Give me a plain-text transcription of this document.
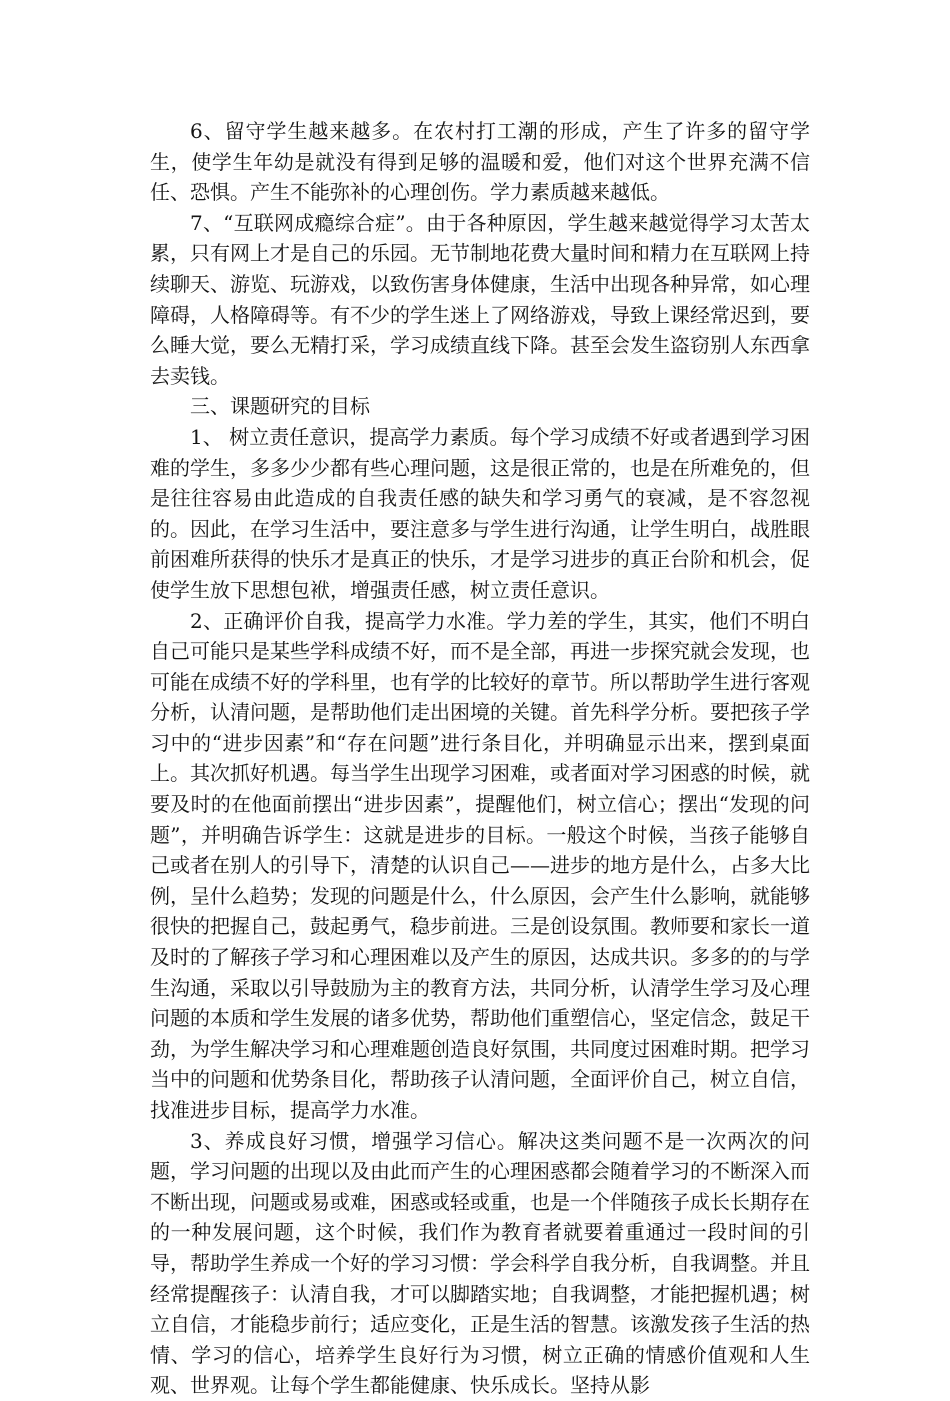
6、留守学生越来越多。在农村打工潮的形成，产生了许多的留守学生，使学生年幼是就没有得到足够的温暖和爱，他们对这个世界充满不信任、恐惧。产生不能弥补的心理创伤。学力素质越来越低。

7、“互联网成瘾综合症”。由于各种原因，学生越来越觉得学习太苦太累，只有网上才是自己的乐园。无节制地花费大量时间和精力在互联网上持续聊天、游览、玩游戏，以致伤害身体健康，生活中出现各种异常，如心理障碍，人格障碍等。有不少的学生迷上了网络游戏，导致上课经常迟到，要么睡大觉，要么无精打采，学习成绩直线下降。甚至会发生盗窃别人东西拿去卖钱。

三、课题研究的目标

1、 树立责任意识，提高学力素质。每个学习成绩不好或者遇到学习困难的学生，多多少少都有些心理问题，这是很正常的，也是在所难免的，但是往往容易由此造成的自我责任感的缺失和学习勇气的衰减，是不容忽视的。因此，在学习生活中，要注意多与学生进行沟通，让学生明白，战胜眼前困难所获得的快乐才是真正的快乐，才是学习进步的真正台阶和机会，促使学生放下思想包袱，增强责任感，树立责任意识。

2、正确评价自我，提高学力水准。学力差的学生，其实，他们不明白自己可能只是某些学科成绩不好，而不是全部，再进一步探究就会发现，也可能在成绩不好的学科里，也有学的比较好的章节。所以帮助学生进行客观分析，认清问题，是帮助他们走出困境的关键。首先科学分析。要把孩子学习中的“进步因素”和“存在问题”进行条目化，并明确显示出来，摆到桌面上。其次抓好机遇。每当学生出现学习困难，或者面对学习困惑的时候，就要及时的在他面前摆出“进步因素”，提醒他们，树立信心；摆出“发现的问题”，并明确告诉学生：这就是进步的目标。一般这个时候，当孩子能够自己或者在别人的引导下，清楚的认识自己——进步的地方是什么，占多大比例，呈什么趋势；发现的问题是什么，什么原因，会产生什么影响，就能够很快的把握自己，鼓起勇气，稳步前进。三是创设氛围。教师要和家长一道及时的了解孩子学习和心理困难以及产生的原因，达成共识。多多的的与学生沟通，采取以引导鼓励为主的教育方法，共同分析，认清学生学习及心理问题的本质和学生发展的诸多优势，帮助他们重塑信心，坚定信念，鼓足干劲，为学生解决学习和心理难题创造良好氛围，共同度过困难时期。把学习当中的问题和优势条目化，帮助孩子认清问题，全面评价自己，树立自信，找准进步目标，提高学力水准。

3、养成良好习惯，增强学习信心。解决这类问题不是一次两次的问题，学习问题的出现以及由此而产生的心理困惑都会随着学习的不断深入而不断出现，问题或易或难，困惑或轻或重，也是一个伴随孩子成长长期存在的一种发展问题，这个时候，我们作为教育者就要着重通过一段时间的引导，帮助学生养成一个好的学习习惯：学会科学自我分析，自我调整。并且经常提醒孩子：认清自我，才可以脚踏实地；自我调整，才能把握机遇；树立自信，才能稳步前行；适应变化，正是生活的智慧。该激发孩子生活的热情、学习的信心，培养学生良好行为习惯，树立正确的情感价值观和人生观、世界观。让每个学生都能健康、快乐成长。坚持从影
